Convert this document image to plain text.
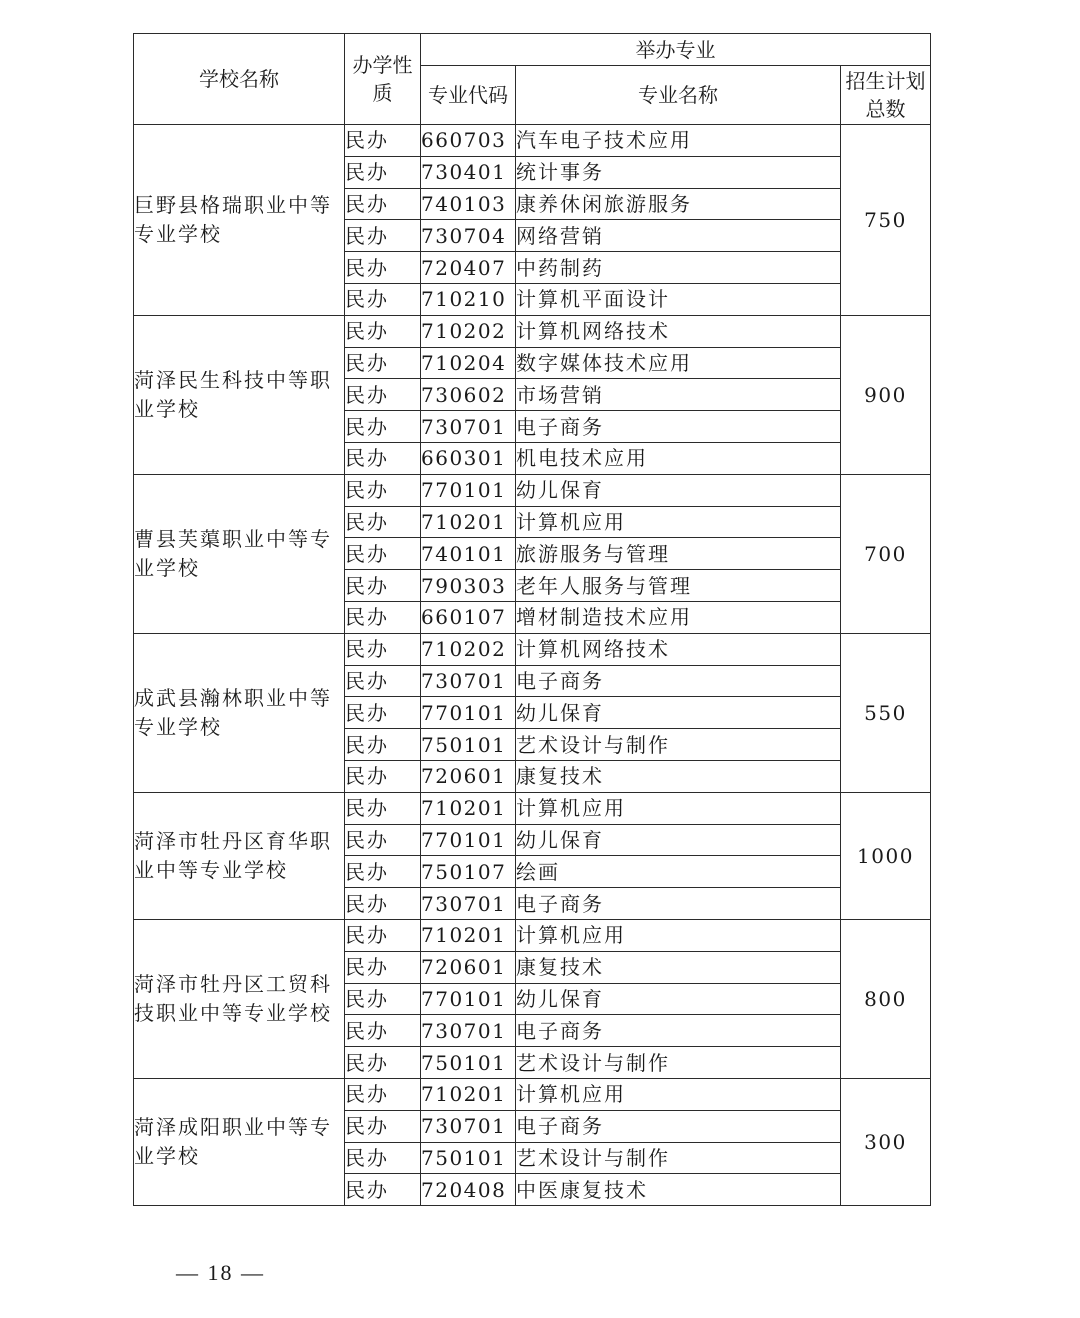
学校名称	办学性质	举办专业		
		专业代码	专业名称	招生计划总数
巨野县格瑞职业中等专业学校	民办	660703	汽车电子技术应用	750
	民办	730401	统计事务	
	民办	740103	康养休闲旅游服务	
	民办	730704	网络营销	
	民办	720407	中药制药	
	民办	710210	计算机平面设计	
菏泽民生科技中等职业学校	民办	710202	计算机网络技术	900
	民办	710204	数字媒体技术应用	
	民办	730602	市场营销	
	民办	730701	电子商务	
	民办	660301	机电技术应用	
曹县芙蕖职业中等专业学校	民办	770101	幼儿保育	700
	民办	710201	计算机应用	
	民办	740101	旅游服务与管理	
	民办	790303	老年人服务与管理	
	民办	660107	增材制造技术应用	
成武县瀚林职业中等专业学校	民办	710202	计算机网络技术	550
	民办	730701	电子商务	
	民办	770101	幼儿保育	
	民办	750101	艺术设计与制作	
	民办	720601	康复技术	
菏泽市牡丹区育华职业中等专业学校	民办	710201	计算机应用	1000
	民办	770101	幼儿保育	
	民办	750107	绘画	
	民办	730701	电子商务	
菏泽市牡丹区工贸科技职业中等专业学校	民办	710201	计算机应用	800
	民办	720601	康复技术	
	民办	770101	幼儿保育	
	民办	730701	电子商务	
	民办	750101	艺术设计与制作	
菏泽成阳职业中等专业学校	民办	710201	计算机应用	300
	民办	730701	电子商务	
	民办	750101	艺术设计与制作	
	民办	720408	中医康复技术	
— 18 —
